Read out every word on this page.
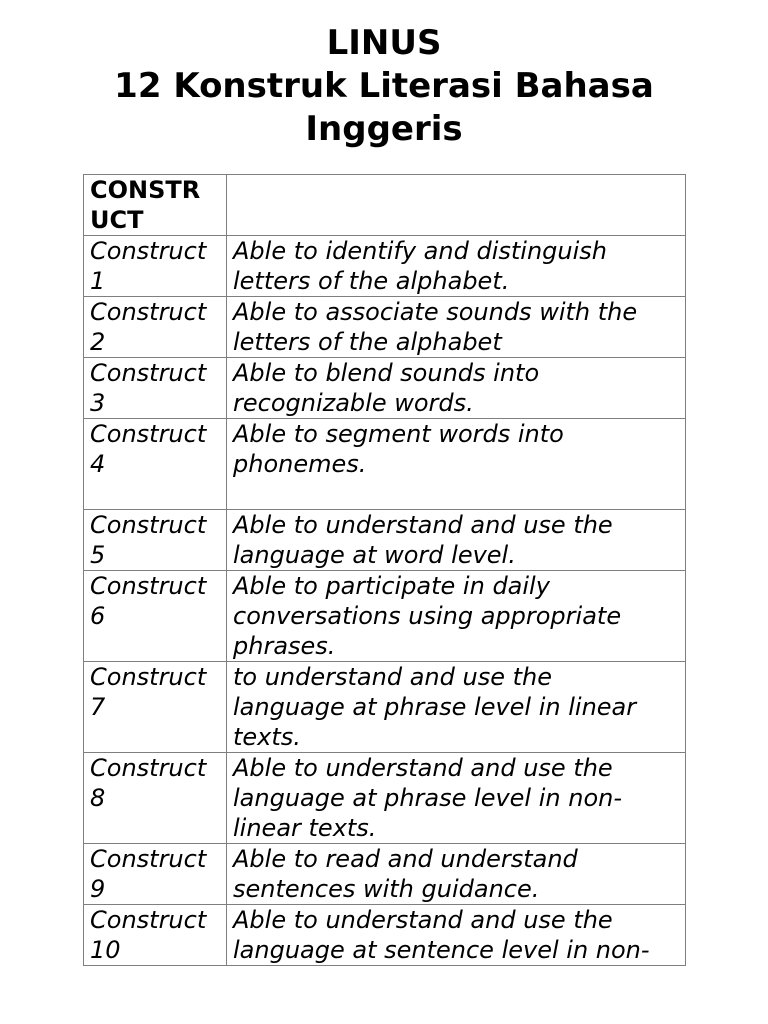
LINUS
12 Konstruk Literasi Bahasa
Inggeris
CONSTR
UCT	

Construct
1	Able to identify and distinguish
letters of the alphabet.

Construct
2	Able to associate sounds with the
letters of the alphabet

Construct
3	Able to blend sounds into
recognizable words.

Construct
4	Able to segment words into
phonemes.

Construct
5	Able to understand and use the
language at word level.

Construct
6	Able to participate in daily
conversations using appropriate
phrases.

Construct
7	to understand and use the
language at phrase level in linear
texts.

Construct
8	Able to understand and use the
language at phrase level in non-
linear texts.

Construct
9	Able to read and understand
sentences with guidance.

Construct
10	Able to understand and use the
language at sentence level in non-
